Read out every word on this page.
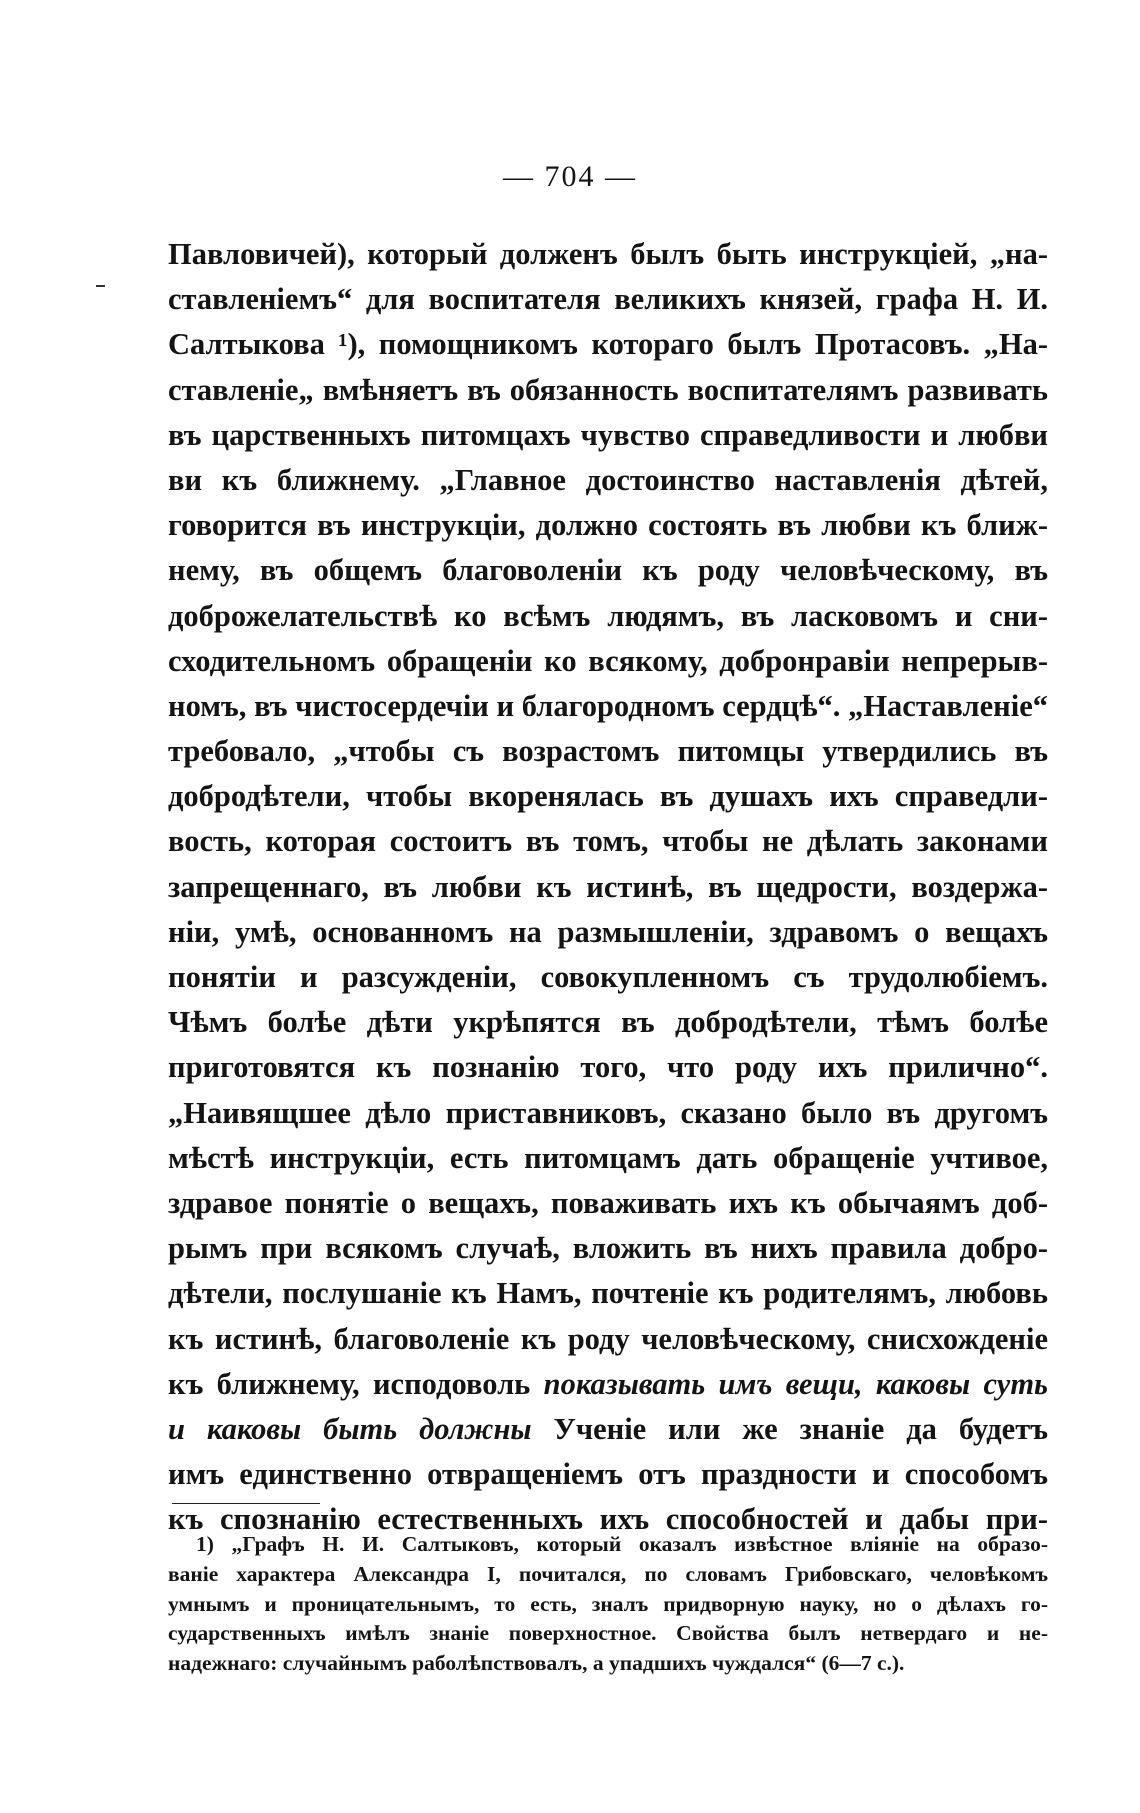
— 704 —
Павловичей), который долженъ былъ быть инструкціей, „на-
ставленіемъ“ для воспитателя великихъ князей, графа Н. И.
Салтыкова ¹), помощникомъ котораго былъ Протасовъ. „На-
ставленіе„ вмѣняетъ въ обязанность воспитателямъ развивать
въ царственныхъ питомцахъ чувство справедливости и любви
ви къ ближнему. „Главное достоинство наставленія дѣтей,
говорится въ инструкціи, должно состоять въ любви къ ближ-
нему, въ общемъ благоволеніи къ роду человѣческому, въ
доброжелательствѣ ко всѣмъ людямъ, въ ласковомъ и сни-
сходительномъ обращеніи ко всякому, добронравіи непрерыв-
номъ, въ чистосердечіи и благородномъ сердцѣ“. „Наставленіе“
требовало, „чтобы съ возрастомъ питомцы утвердились въ
добродѣтели, чтобы вкоренялась въ душахъ ихъ справедли-
вость, которая состоитъ въ томъ, чтобы не дѣлать законами
запрещеннаго, въ любви къ истинѣ, въ щедрости, воздержа-
ніи, умѣ, основанномъ на размышленіи, здравомъ о вещахъ
понятіи и разсужденіи, совокупленномъ съ трудолюбіемъ.
Чѣмъ болѣе дѣти укрѣпятся въ добродѣтели, тѣмъ болѣе
приготовятся къ познанію того, что роду ихъ прилично“.
„Наивящшее дѣло приставниковъ, сказано было въ другомъ
мѣстѣ инструкціи, есть питомцамъ дать обращеніе учтивое,
здравое понятіе о вещахъ, поваживать ихъ къ обычаямъ доб-
рымъ при всякомъ случаѣ, вложить въ нихъ правила добро-
дѣтели, послушаніе къ Намъ, почтеніе къ родителямъ, любовь
къ истинѣ, благоволеніе къ роду человѣческому, снисхожденіе
къ ближнему, исподоволь показывать имъ вещи, каковы суть
и каковы быть должны Ученіе или же знаніе да будетъ
имъ единственно отвращеніемъ отъ праздности и способомъ
къ спознанію естественныхъ ихъ способностей и дабы при-
1) „Графъ Н. И. Салтыковъ, который оказалъ извѣстное вліяніе на образо-
ваніе характера Александра I, почитался, по словамъ Грибовскаго, человѣкомъ
умнымъ и проницательнымъ, то есть, зналъ придворную науку, но о дѣлахъ го-
сударственныхъ имѣлъ знаніе поверхностное. Свойства былъ нетвердаго и не-
надежнаго: случайнымъ раболѣпствовалъ, а упадшихъ чуждался“ (6—7 с.).
